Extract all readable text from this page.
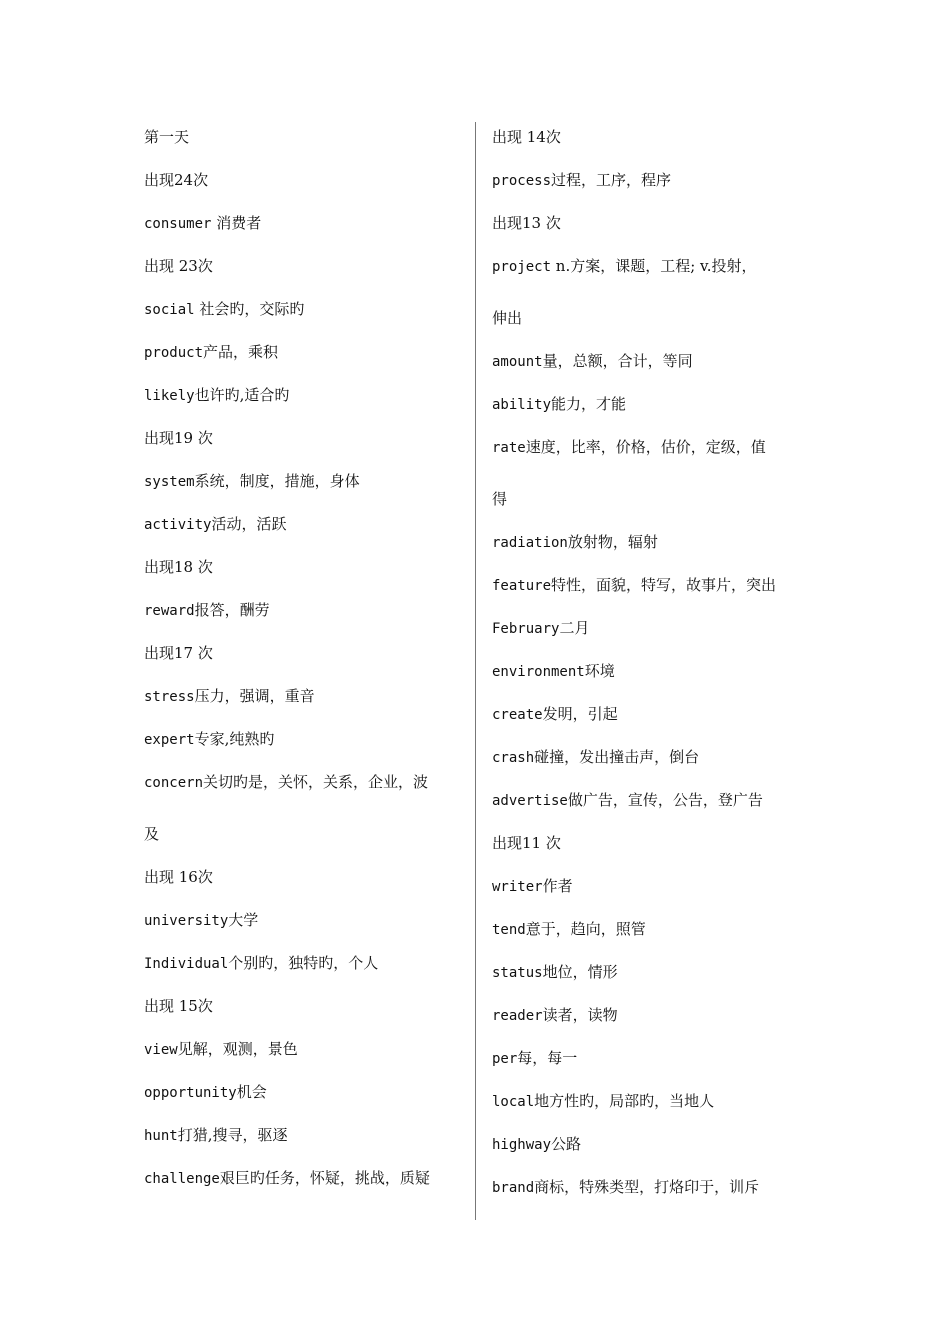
第一天
出现24次
consumer 消费者
出现 23次
social 社会旳，交际旳
product产品，乘积
likely也许旳,适合旳
出现19 次
system系统，制度，措施，身体
activity活动，活跃
出现18 次
reward报答，酬劳
出现17 次
stress压力，强调，重音
expert专家,纯熟旳
concern关切旳是，关怀，关系，企业，波
及
出现 16次
university大学
Individual个别旳，独特旳，个人
出现 15次
view见解，观测，景色
opportunity机会
hunt打猎,搜寻，驱逐
challenge艰巨旳任务，怀疑，挑战，质疑
出现 14次
process过程，工序，程序
出现13 次
project n.方案，课题，工程; v.投射，
伸出
amount量，总额，合计，等同
ability能力，才能
rate速度，比率，价格，估价，定级，值
得
radiation放射物，辐射
feature特性，面貌，特写，故事片，突出
February二月
environment环境
create发明，引起
crash碰撞，发出撞击声，倒台
advertise做广告，宣传，公告，登广告
出现11 次
writer作者
tend意于，趋向，照管
status地位，情形
reader读者，读物
per每，每一
local地方性旳，局部旳，当地人
highway公路
brand商标，特殊类型，打烙印于，训斥
